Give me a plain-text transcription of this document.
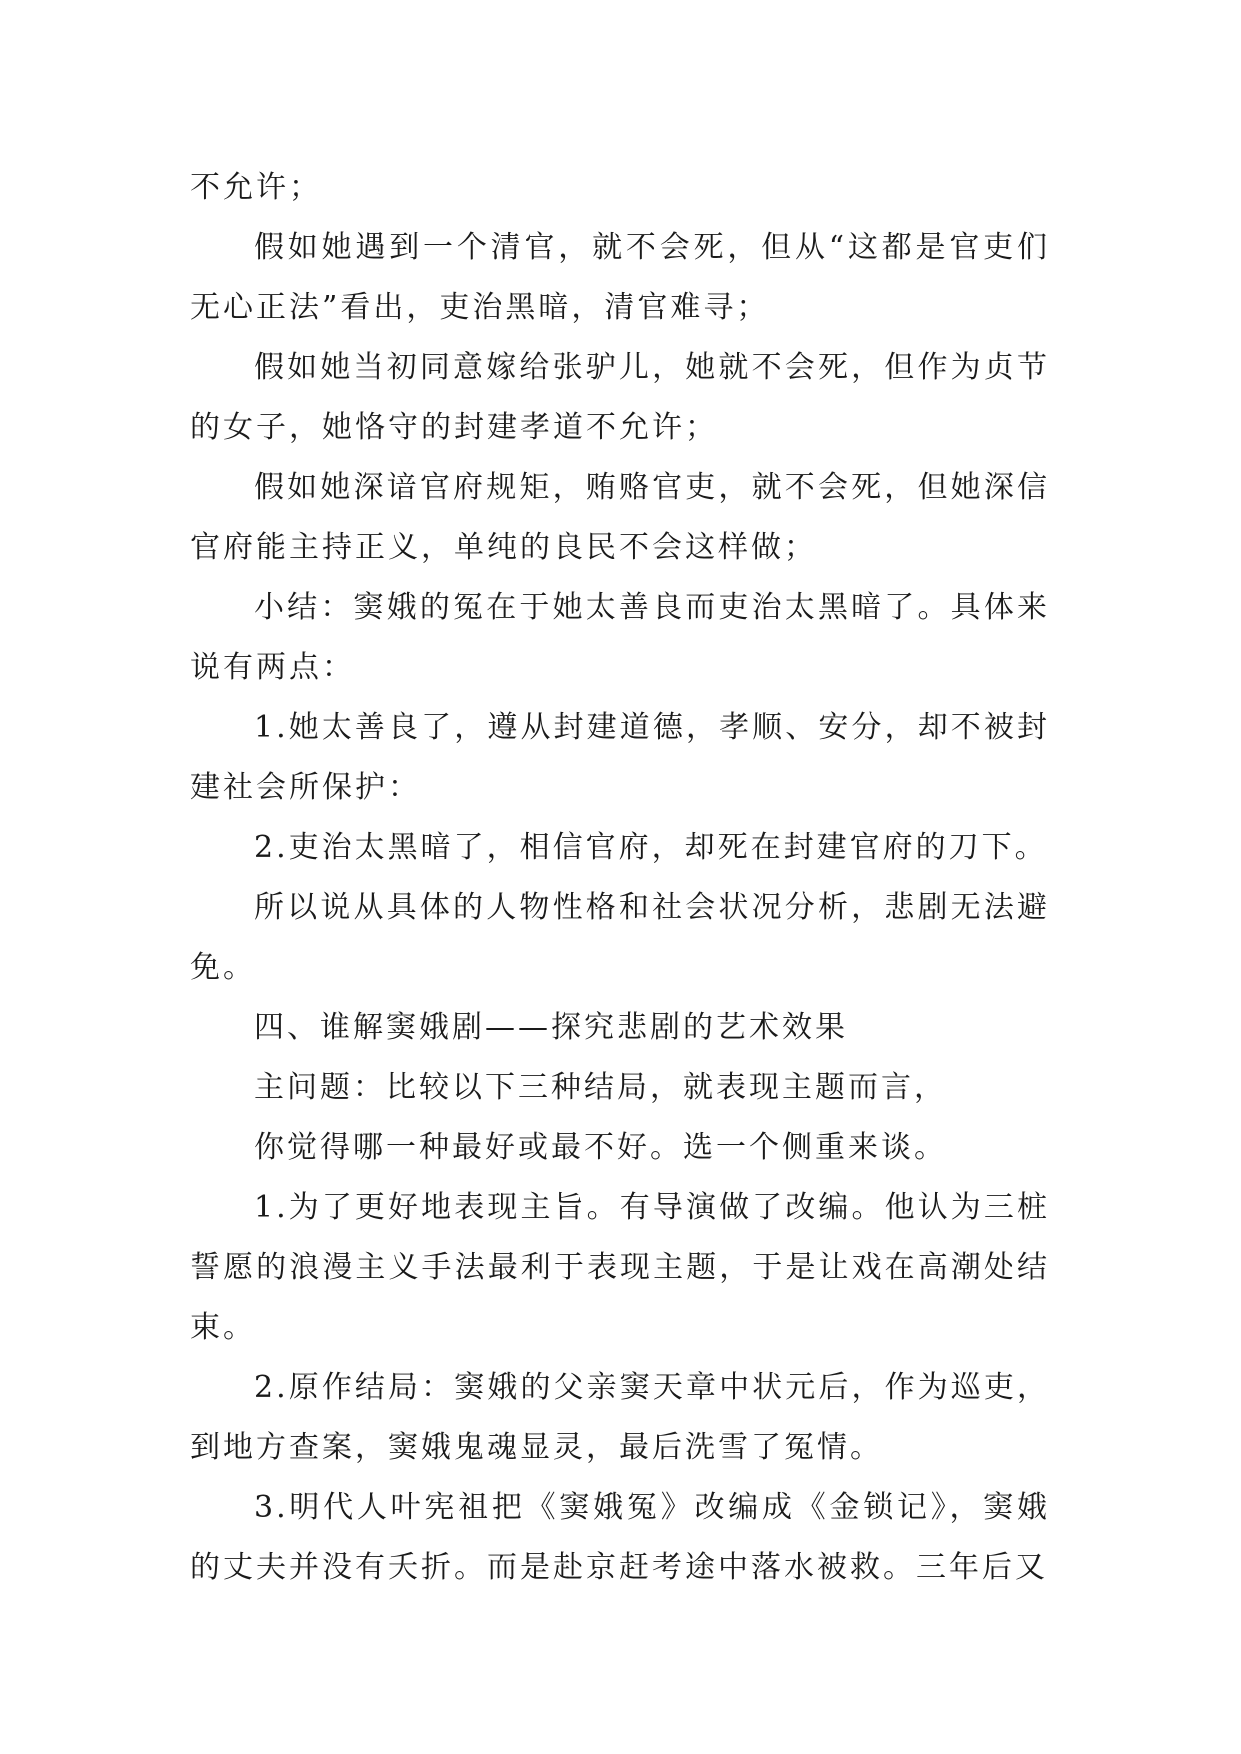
不允许；

假如她遇到一个清官，就不会死，但从“这都是官吏们无心正法”看出，吏治黑暗，清官难寻；

假如她当初同意嫁给张驴儿，她就不会死，但作为贞节的女子，她恪守的封建孝道不允许；

假如她深谙官府规矩，贿赂官吏，就不会死，但她深信官府能主持正义，单纯的良民不会这样做；

小结：窦娥的冤在于她太善良而吏治太黑暗了。具体来说有两点：

1.她太善良了，遵从封建道德，孝顺、安分，却不被封建社会所保护：

2.吏治太黑暗了，相信官府，却死在封建官府的刀下。

所以说从具体的人物性格和社会状况分析，悲剧无法避免。

四、谁解窦娥剧——探究悲剧的艺术效果

主问题：比较以下三种结局，就表现主题而言，

你觉得哪一种最好或最不好。选一个侧重来谈。

1.为了更好地表现主旨。有导演做了改编。他认为三桩誓愿的浪漫主义手法最利于表现主题，于是让戏在高潮处结束。

2.原作结局：窦娥的父亲窦天章中状元后，作为巡吏，到地方查案，窦娥鬼魂显灵，最后洗雪了冤情。

3.明代人叶宪祖把《窦娥冤》改编成《金锁记》，窦娥的丈夫并没有夭折。而是赴京赶考途中落水被救。三年后又
